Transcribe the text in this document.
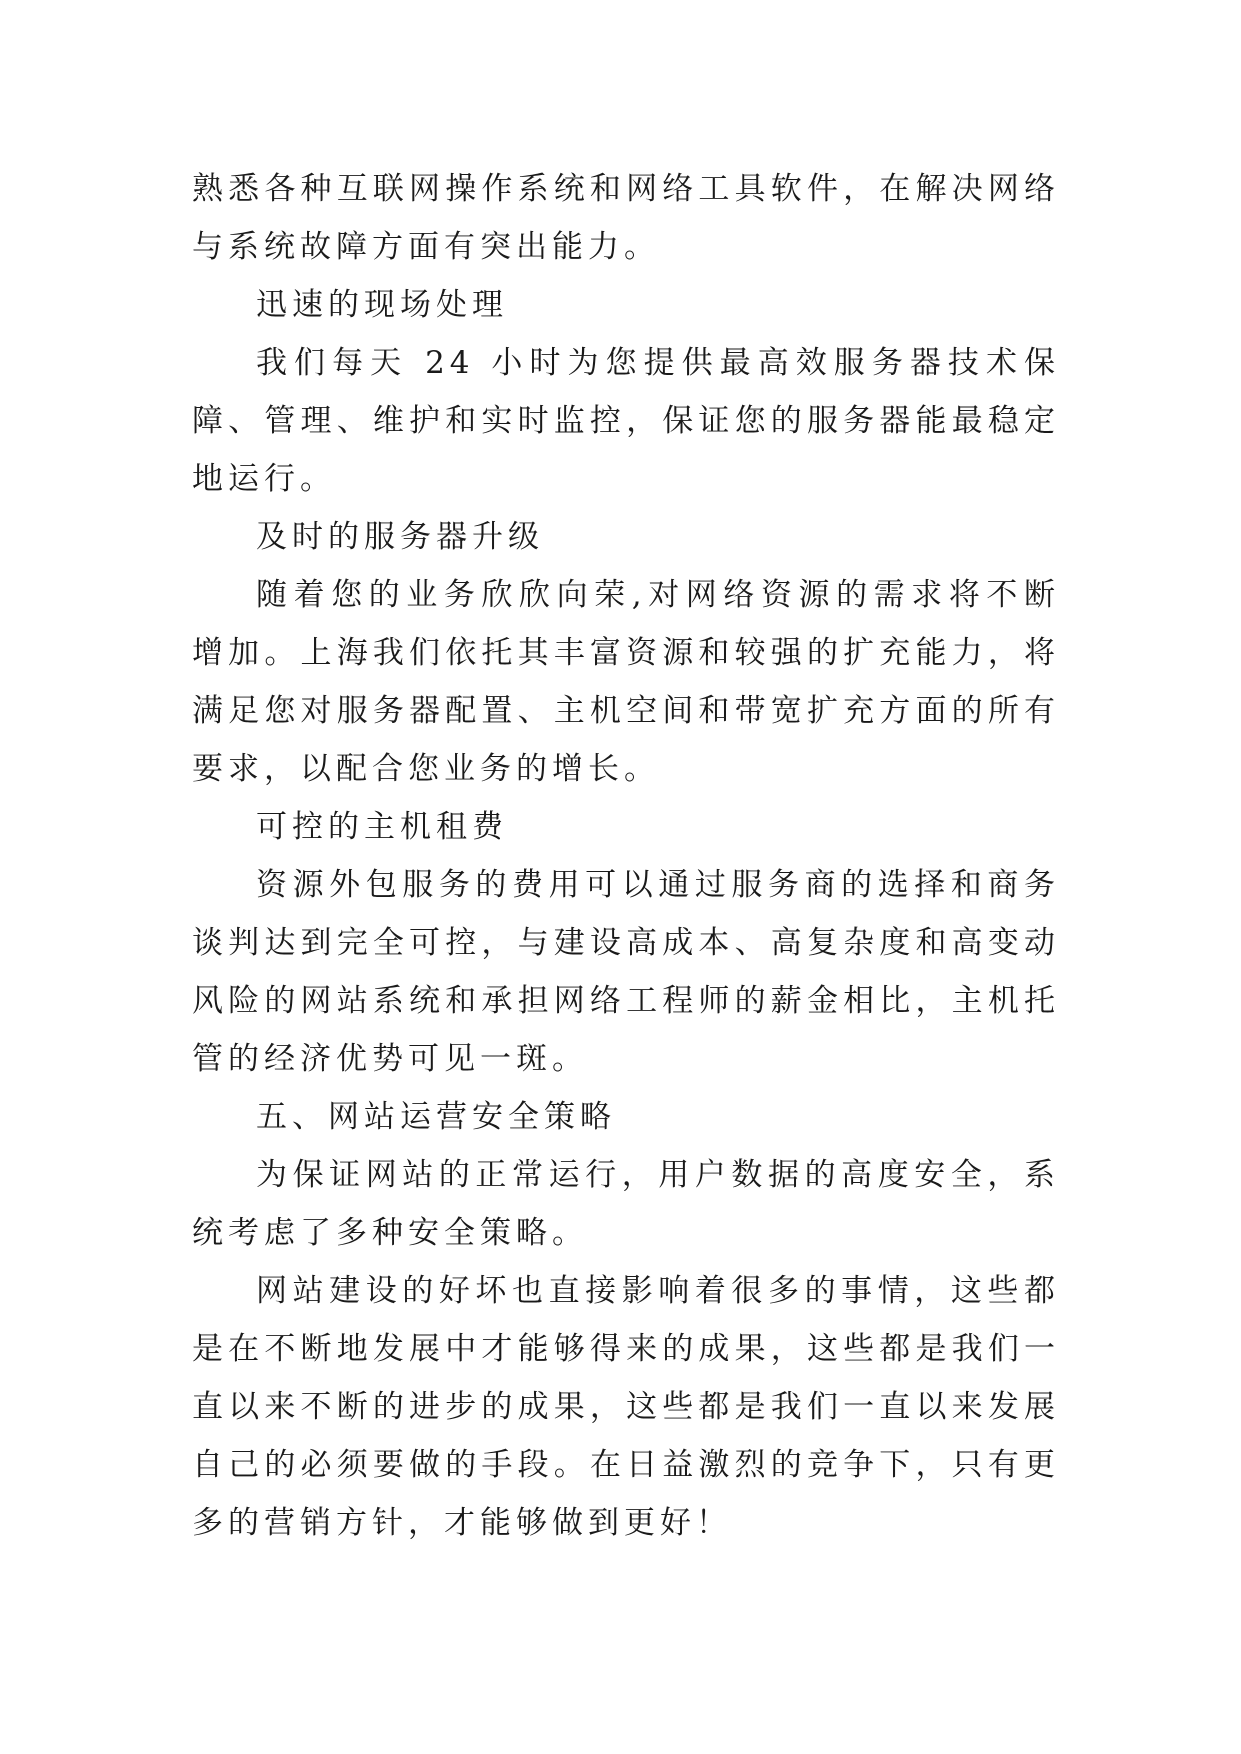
熟悉各种互联网操作系统和网络工具软件，在解决网络与系统故障方面有突出能力。

迅速的现场处理

我们每天 24 小时为您提供最高效服务器技术保障、管理、维护和实时监控，保证您的服务器能最稳定地运行。

及时的服务器升级

随着您的业务欣欣向荣,对网络资源的需求将不断增加。上海我们依托其丰富资源和较强的扩充能力，将满足您对服务器配置、主机空间和带宽扩充方面的所有要求，以配合您业务的增长。

可控的主机租费

资源外包服务的费用可以通过服务商的选择和商务谈判达到完全可控，与建设高成本、高复杂度和高变动风险的网站系统和承担网络工程师的薪金相比，主机托管的经济优势可见一斑。

五、网站运营安全策略

为保证网站的正常运行，用户数据的高度安全，系统考虑了多种安全策略。

网站建设的好坏也直接影响着很多的事情，这些都是在不断地发展中才能够得来的成果，这些都是我们一直以来不断的进步的成果，这些都是我们一直以来发展自己的必须要做的手段。在日益激烈的竞争下，只有更多的营销方针，才能够做到更好！
